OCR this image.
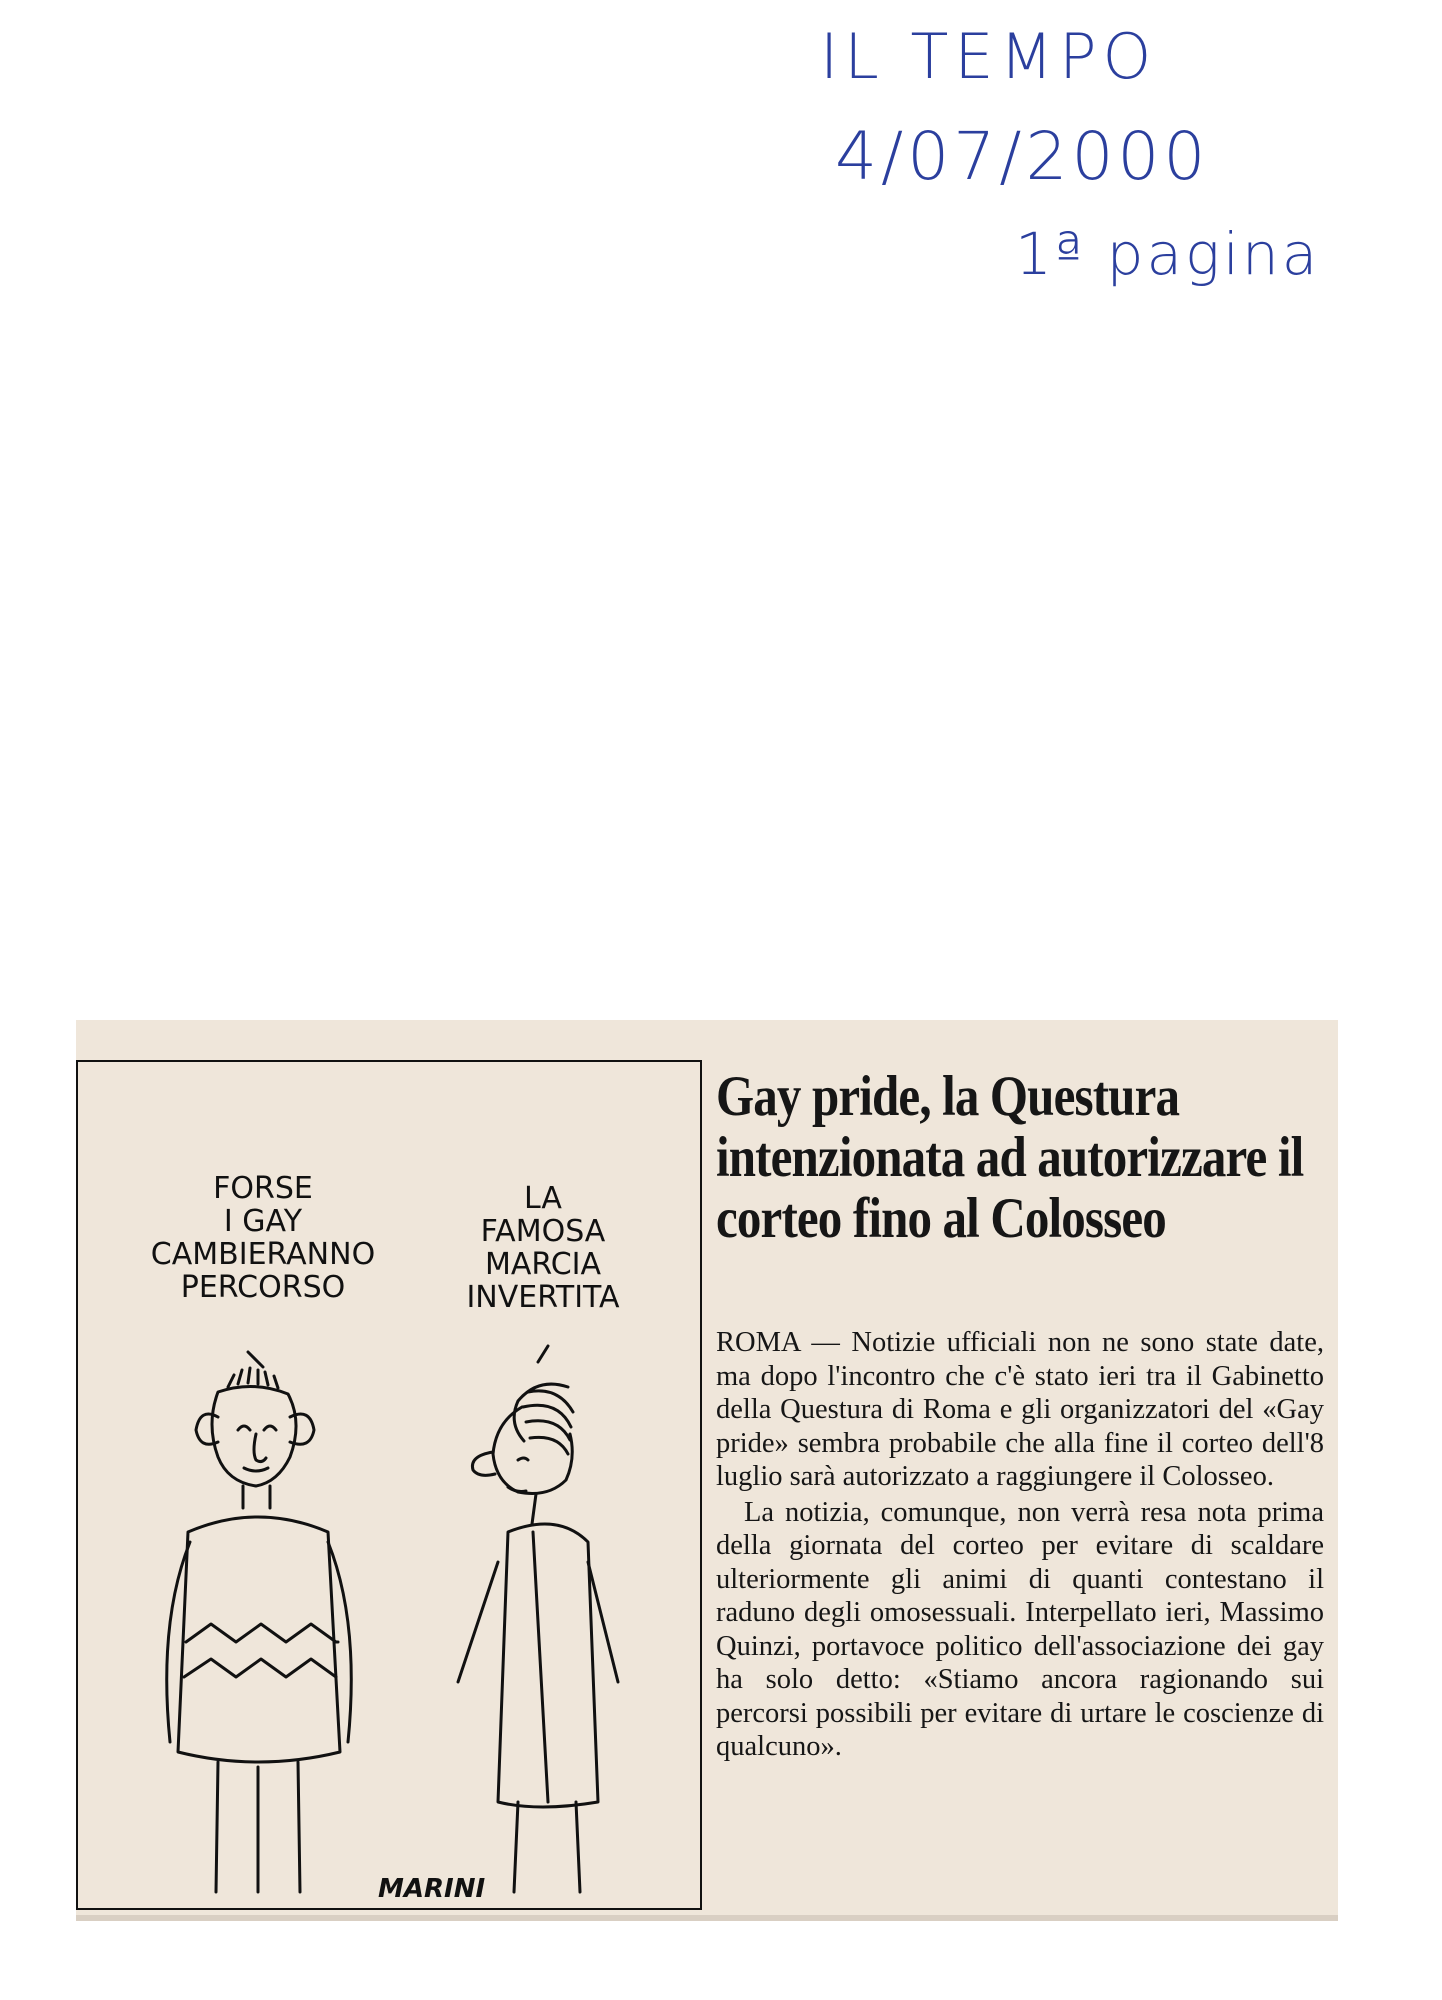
IL TEMPO
4/07/2000
1ª pagina
FORSE
I GAY
CAMBIERANNO
PERCORSO
LA
FAMOSA
MARCIA
INVERTITA
MARINI
Gay pride, la Questura intenzionata ad autorizzare il corteo fino al Colosseo

ROMA — Notizie ufficiali non ne sono state date, ma dopo l'incontro che c'è stato ieri tra il Gabinetto della Questura di Roma e gli organizzatori del «Gay pride» sembra probabile che alla fine il corteo dell'8 luglio sarà autorizzato a raggiungere il Colosseo.

La notizia, comunque, non verrà resa nota prima della giornata del corteo per evitare di scaldare ulteriormente gli animi di quanti contestano il raduno degli omosessuali. Interpellato ieri, Massimo Quinzi, portavoce politico dell'associazione dei gay ha solo detto: «Stiamo ancora ragionando sui percorsi possibili per evitare di urtare le coscienze di qualcuno».
